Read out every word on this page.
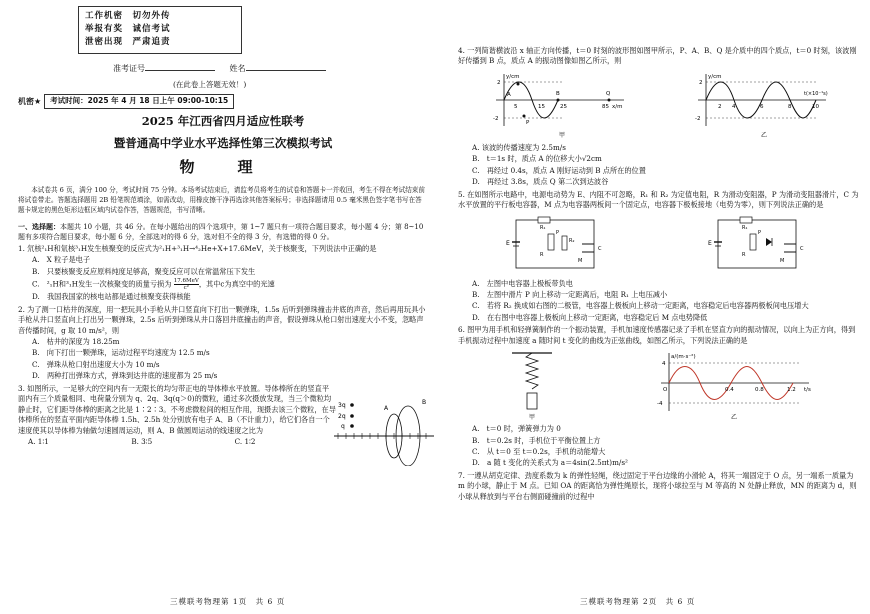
工作机密　切勿外传
举报有奖　诚信考试
泄密出现　严肃追责
准考证号	姓名
(在此卷上答题无效！)
机密★	考试时间：2025 年 4 月 18 日上午 09:00-10:15
2025 年江西省四月适应性联考
暨普通高中学业水平选择性第三次模拟考试
物　理
本试卷共 6 页，满分 100 分，考试时间 75 分钟。本场考试结束后，请监考员将考生的试卷和答题卡一并收回，考生不得在考试结束前将试卷带走。答题选择题用 2B 铅笔规范填涂，如需改动，用橡皮擦干净再选涂其他答案标号；非选择题请用 0.5 毫米黑色签字笔书写在答题卡规定的黑色矩形边框区域内试卷作答，答题规范，书写清晰。
一、选择题：本题共 10 小题，共 46 分。在每小题给出的四个选项中，第 1~7 题只有一项符合题目要求，每小题 4 分；第 8~10 题有多项符合题目要求，每小题 6 分，全部选对的得 6 分，选对但不全的得 3 分，有选错的得 0 分。

1. 氘核²₁H和氚核³₁H发生核聚变的反应式为²₁H+³₁H→⁴₂He+X+17.6MeV，关于核聚变，下列说法中正确的是

A.　X 粒子是电子

B.　只要核聚变反应原料纯度足够高，聚变反应可以在常温常压下发生

C.　²₁H和³₁H发生一次核聚变的质量亏损为 17.6MeV
c²	，其中c为真空中的光速

D.　我国我国家的核电站都是通过核聚变获得核能

2. 为了测一口枯井的深度，用一把玩具小手枪从井口竖直向下打出一颗弹珠，1.5s 后听到弹珠撞击井底的声音，然后再用玩具小手枪从井口竖直向上打出另一颗弹珠，2.5s 后听到弹珠从井口落回井底撞击的声音，假设弹珠从枪口射出速度大小不变，忽略声音传播时间，g 取 10 m/s²，则

A.　枯井的深度为 18.25m

B.　向下打出一颗弹珠，运动过程平均速度为 12.5 m/s

C.　弹珠从枪口射出速度大小为 10 m/s

D.　两种打出弹珠方式，弹珠到达井底的速度都为 25 m/s

3. 如图所示，一足够大的空间内有一无限长的均匀带正电的导体棒水平放置。导体棒所在的竖直平面内有三个质量相同、电荷量分别为 q、2q、3q(q＞0)的微粒，通过多次摄放发现，当三个微粒均静止时，它们距导体棒的距离之比是 1∶2∶3。不考虑微粒间的相互作用，现摄去该三个微粒，在导体棒所在的竖直平面内距导体棒 1.5h、2.5h 处分别放有电子 A、B（不计重力），给它们各自一个速度使其以导体棒为轴做匀速圆周运动，则 A、B 做圆周运动的线速度之比为

3q
2q
q
A
B
A. 1∶1	B. 3∶5	C. 1∶2

4. 一列简谐横波沿 x 轴正方向传播，t＝0 时刻的波形图如图甲所示，P、A、B、Q 是介质中的四个质点，t＝0 时刻，该波刚好传播到 B 点，质点 A 的振动图像如图乙所示，则

y/cm
2
-2
5	15	25	85 x/m
A
P
B	Q
甲
y/cm
2
-2
2 4	6	8	10
t(×10⁻¹s)
乙

A. 该波的传播速度为 2.5m/s

B.　t＝1s 时，质点 A 的位移大小√2cm

C.　再经过 0.4s，质点 A 刚好运动到 B 点所在的位置

D.　再经过 3.8s，质点 Q 第二次到达波谷

5. 在如图所示电路中，电源电动势为 E、内阻不可忽略，R₁ 和 R₂ 为定值电阻，R 为滑动变阻器，P 为滑动变阻器滑片，C 为水平放置的平行板电容器，M 点为电容器两板间一个固定点，电容器下极板接地（电势为零），则下列说法正确的是

E
R₁
P
R₂
R
M
C
E
R₁
P
R
M
C

A.　左图中电容器上极板带负电

B.　左图中滑片 P 向上移动一定距离后，电阻 R₁ 上电压减小

C.　若将 R₂ 换成如右图的二极管，电容器上极板向上移动一定距离，电容稳定后电容器两极板间电压增大

D.　在右图中电容器上极板向上移动一定距离，电容稳定后 M 点电势降低

6. 图甲为用手机和轻弹簧制作的一个振动装置，手机加速度传感器记录了手机在竖直方向的振动情况，以向上为正方向，得到手机振动过程中加速度 a 随时间 t 变化的曲线为正弦曲线，如图乙所示，下列说法正确的是

甲
a/(m·s⁻²)
4
-4
O	0.4	0.8	1.2 t/s
乙

A.　t＝0 时，弹簧弹力为 0

B.　t＝0.2s 时，手机位于平衡位置上方

C.　从 t＝0 至 t＝0.2s，手机的动能增大

D.　a 随 t 变化的关系式为 a＝4sin(2.5πt)m/s²

7. 一遵从胡克定律、劲度系数为 k 的弹性轻绳，绕过固定于平台边缘的小滑轮 A，将其一端固定于 O 点，另一端系一质量为 m 的小球，静止于 M 点。已知 OA 的距离恰为弹性绳原长，现将小球拉至与 M 等高的 N 处静止释放，MN 的距离为 d，则小球从释放到与平台右侧面碰撞前的过程中

三模联考物理第 1页　共 6 页	三模联考物理第 2页　共 6 页
